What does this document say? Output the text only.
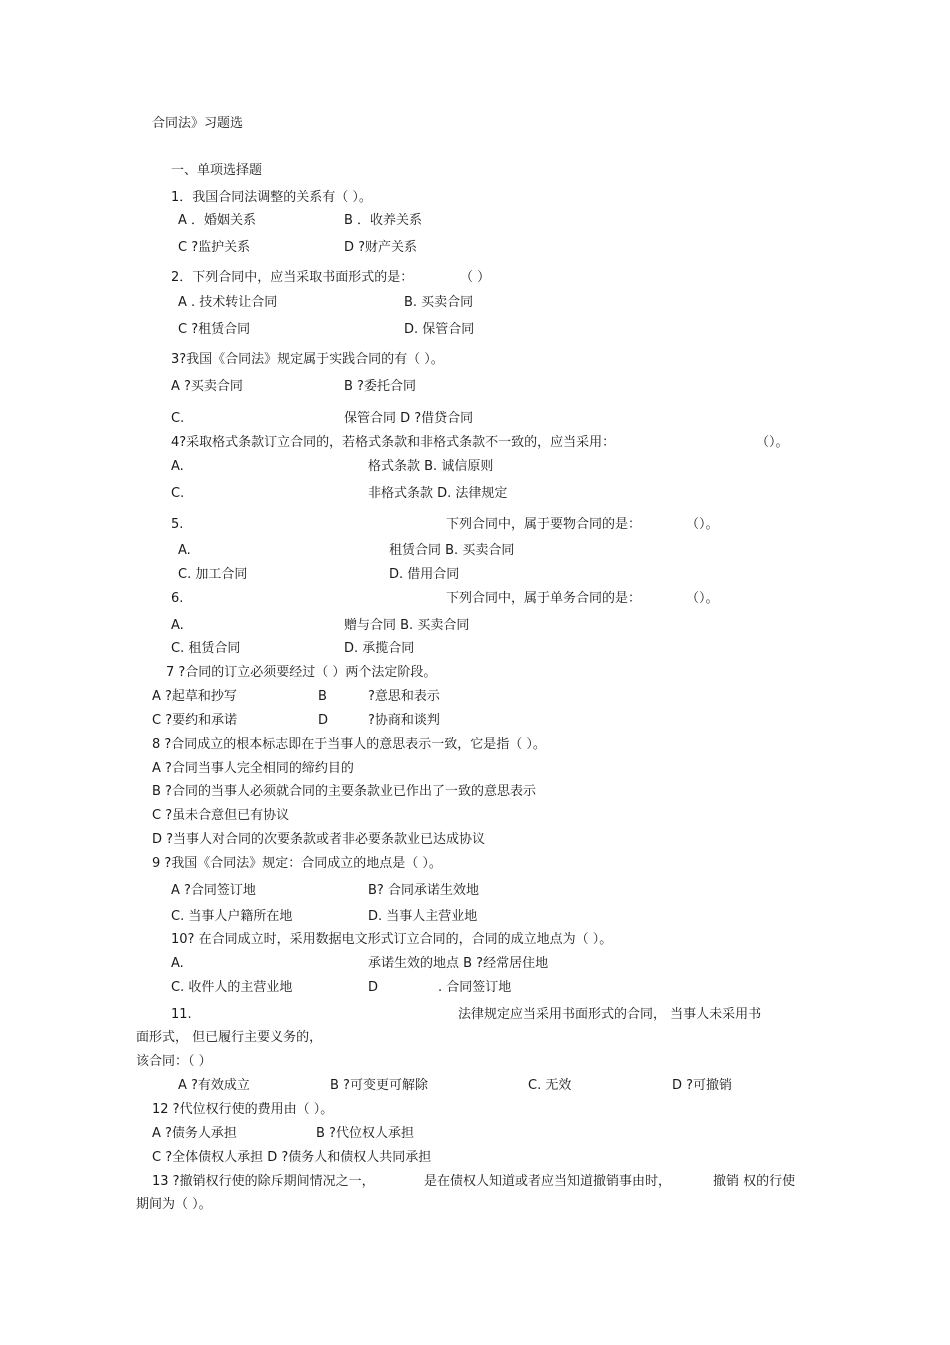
合同法》习题选
一、单项选择题
1．我国合同法调整的关系有（ ）。
A ．婚姻关系	B ．收养关系
C ?监护关系	D ?财产关系
2．下列合同中，应当采取书面形式的是：	（ ）
A . 技术转让合同	B. 买卖合同
C ?租赁合同	D. 保管合同
3?我国《合同法》规定属于实践合同的有（ ）。
A ?买卖合同	B ?委托合同
C.	保管合同 D ?借贷合同
4?采取格式条款订立合同的，若格式条款和非格式条款不一致的，应当采用：	（）。
A.	格式条款 B. 诚信原则
C.	非格式条款 D. 法律规定
5.	下列合同中，属于要物合同的是：	（）。
A.	租赁合同 B. 买卖合同
C. 加工合同	D. 借用合同
6.	下列合同中，属于单务合同的是：	（）。
A.	赠与合同 B. 买卖合同
C. 租赁合同	D. 承揽合同
7 ?合同的订立必须要经过（ ）两个法定阶段。
A ?起草和抄写	B	?意思和表示
C ?要约和承诺	D	?协商和谈判
8 ?合同成立的根本标志即在于当事人的意思表示一致，它是指（ ）。
A ?合同当事人完全相同的缔约目的
B ?合同的当事人必须就合同的主要条款业已作出了一致的意思表示
C ?虽未合意但已有协议
D ?当事人对合同的次要条款或者非必要条款业已达成协议
9 ?我国《合同法》规定：合同成立的地点是（ ）。
A ?合同签订地	B? 合同承诺生效地
C. 当事人户籍所在地	D. 当事人主营业地
10? 在合同成立时，采用数据电文形式订立合同的，合同的成立地点为（ ）。
A.	承诺生效的地点 B ?经常居住地
C. 收件人的主营业地	D	. 合同签订地
11.	法律规定应当采用书面形式的合同， 当事人未采用书
面形式， 但已履行主要义务的，
该合同：（ ）
A ?有效成立	B ?可变更可解除	C. 无效	D ?可撤销
12 ?代位权行使的费用由（ ）。
A ?债务人承担	B ?代位权人承担
C ?全体债权人承担 D ?债务人和债权人共同承担
13 ?撤销权行使的除斥期间情况之一，	是在债权人知道或者应当知道撤销事由时，	撤销 权的行使
期间为（ ）。
